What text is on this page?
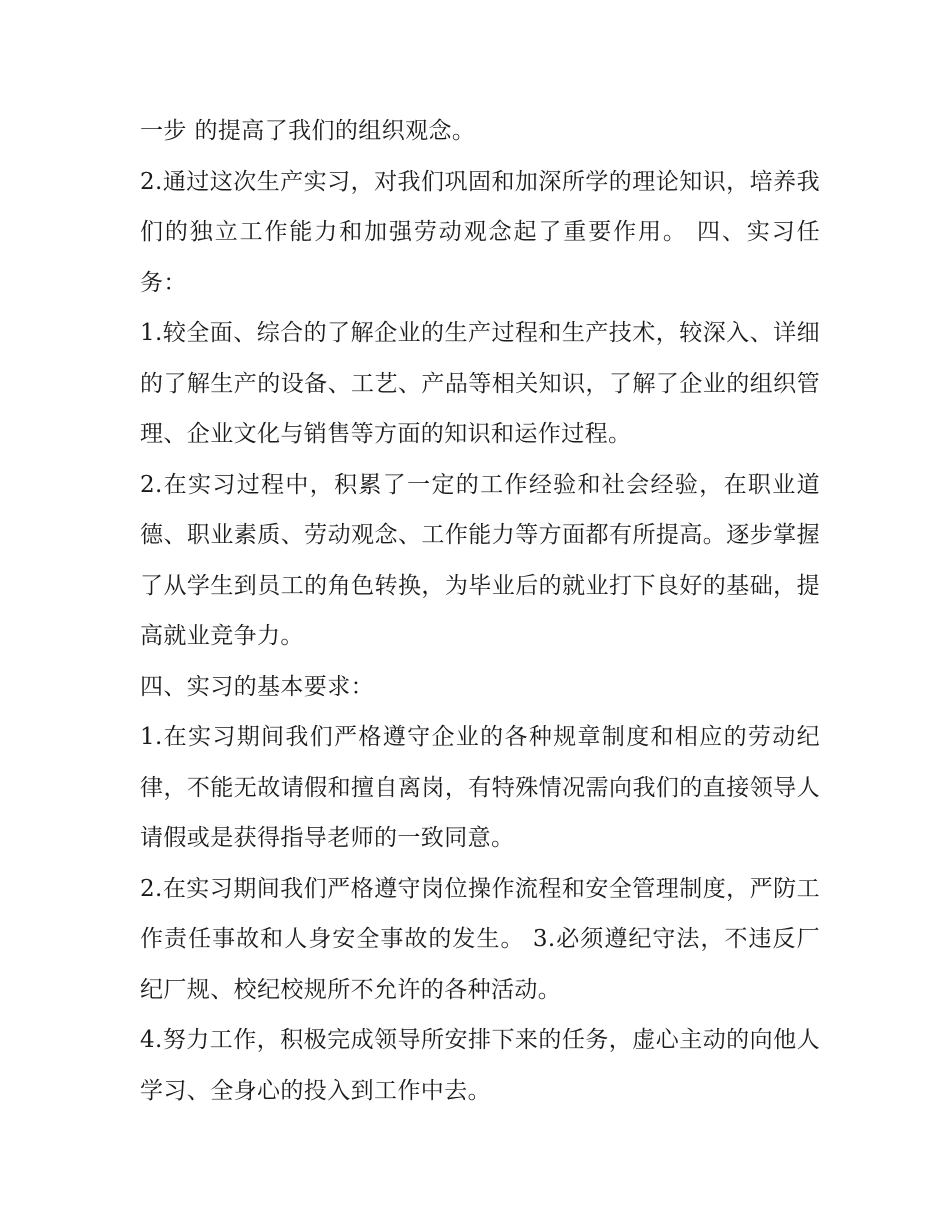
一步 的提高了我们的组织观念。

2.通过这次生产实习，对我们巩固和加深所学的理论知识，培养我们的独立工作能力和加强劳动观念起了重要作用。 四、实习任务：

1.较全面、综合的了解企业的生产过程和生产技术，较深入、详细的了解生产的设备、工艺、产品等相关知识，了解了企业的组织管理、企业文化与销售等方面的知识和运作过程。

2.在实习过程中，积累了一定的工作经验和社会经验，在职业道德、职业素质、劳动观念、工作能力等方面都有所提高。逐步掌握了从学生到员工的角色转换，为毕业后的就业打下良好的基础，提高就业竞争力。

四、实习的基本要求：

1.在实习期间我们严格遵守企业的各种规章制度和相应的劳动纪律，不能无故请假和擅自离岗，有特殊情况需向我们的直接领导人请假或是获得指导老师的一致同意。

2.在实习期间我们严格遵守岗位操作流程和安全管理制度，严防工作责任事故和人身安全事故的发生。 3.必须遵纪守法，不违反厂纪厂规、校纪校规所不允许的各种活动。

4.努力工作，积极完成领导所安排下来的任务，虚心主动的向他人学习、全身心的投入到工作中去。
